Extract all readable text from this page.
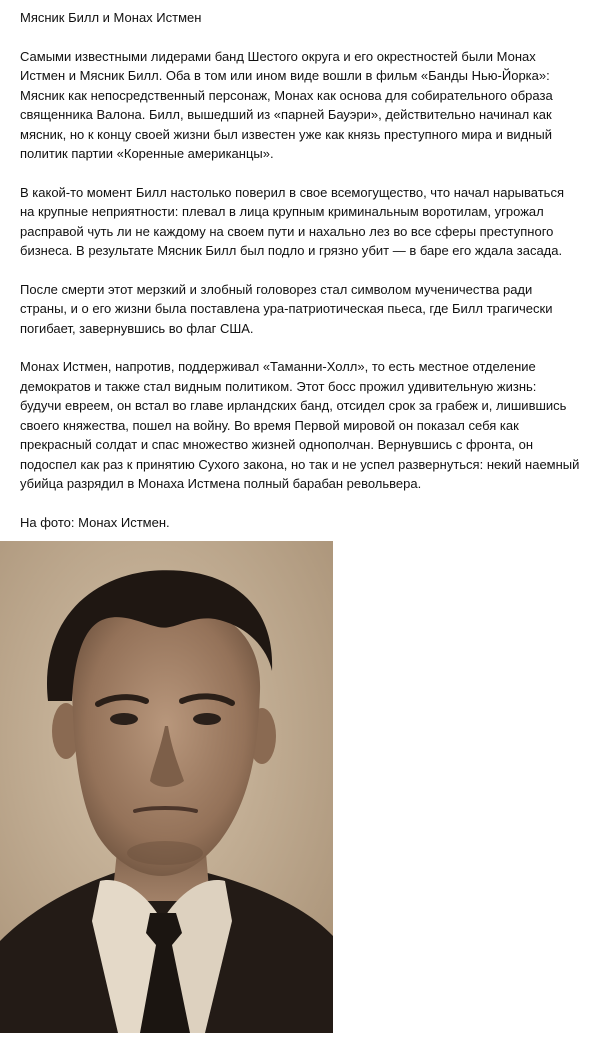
Мясник Билл и Монах Истмен

Самыми известными лидерами банд Шестого округа и его окрестностей были Монах Истмен и Мясник Билл. Оба в том или ином виде вошли в фильм «Банды Нью-Йорка»: Мясник как непосредственный персонаж, Монах как основа для собирательного образа священника Валона. Билл, вышедший из «парней Бауэри», действительно начинал как мясник, но к концу своей жизни был известен уже как князь преступного мира и видный политик партии «Коренные американцы».

В какой-то момент Билл настолько поверил в свое всемогущество, что начал нарываться на крупные неприятности: плевал в лица крупным криминальным воротилам, угрожал расправой чуть ли не каждому на своем пути и нахально лез во все сферы преступного бизнеса. В результате Мясник Билл был подло и грязно убит — в баре его ждала засада.

После смерти этот мерзкий и злобный головорез стал символом мученичества ради страны, и о его жизни была поставлена ура-патриотическая пьеса, где Билл трагически погибает, завернувшись во флаг США.

Монах Истмен, напротив, поддерживал «Таманни-Холл», то есть местное отделение демократов и также стал видным политиком. Этот босс прожил удивительную жизнь: будучи евреем, он встал во главе ирландских банд, отсидел срок за грабеж и, лишившись своего княжества, пошел на войну. Во время Первой мировой он показал себя как прекрасный солдат и спас множество жизней однополчан. Вернувшись с фронта, он подоспел как раз к принятию Сухого закона, но так и не успел развернуться: некий наемный убийца разрядил в Монаха Истмена полный барабан револьвера.

На фото: Монах Истмен.
